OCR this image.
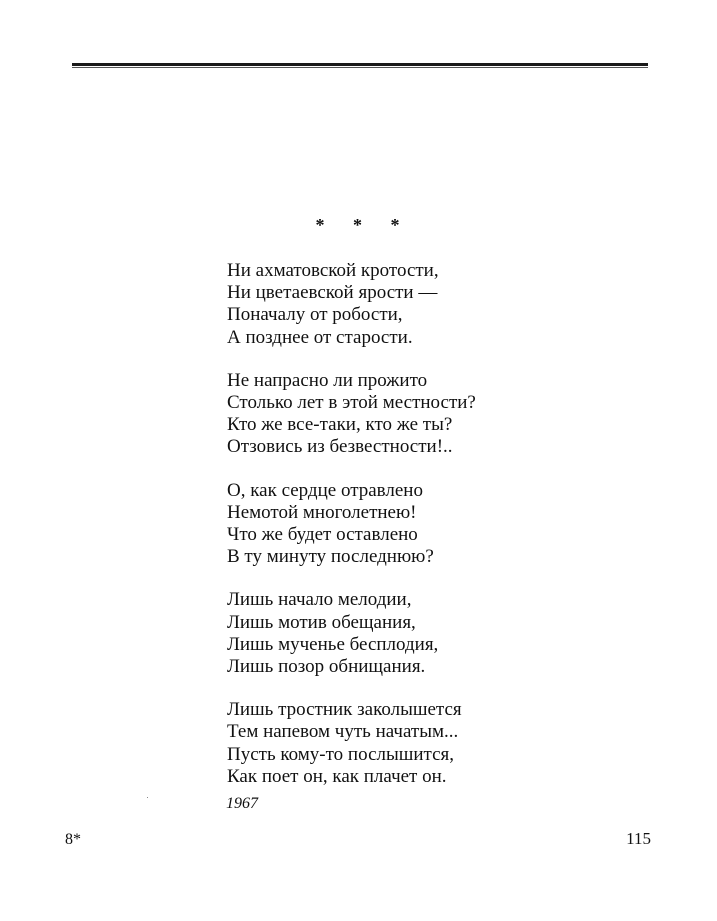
* * *
Ни ахматовской кротости,
Ни цветаевской ярости —
Поначалу от робости,
А позднее от старости.
Не напрасно ли прожито
Столько лет в этой местности?
Кто же все-таки, кто же ты?
Отзовись из безвестности!..
О, как сердце отравлено
Немотой многолетнею!
Что же будет оставлено
В ту минуту последнюю?
Лишь начало мелодии,
Лишь мотив обещания,
Лишь мученье бесплодия,
Лишь позор обнищания.
Лишь тростник заколышется
Тем напевом чуть начатым...
Пусть кому-то послышится,
Как поет он, как плачет он.
1967
8*	115
